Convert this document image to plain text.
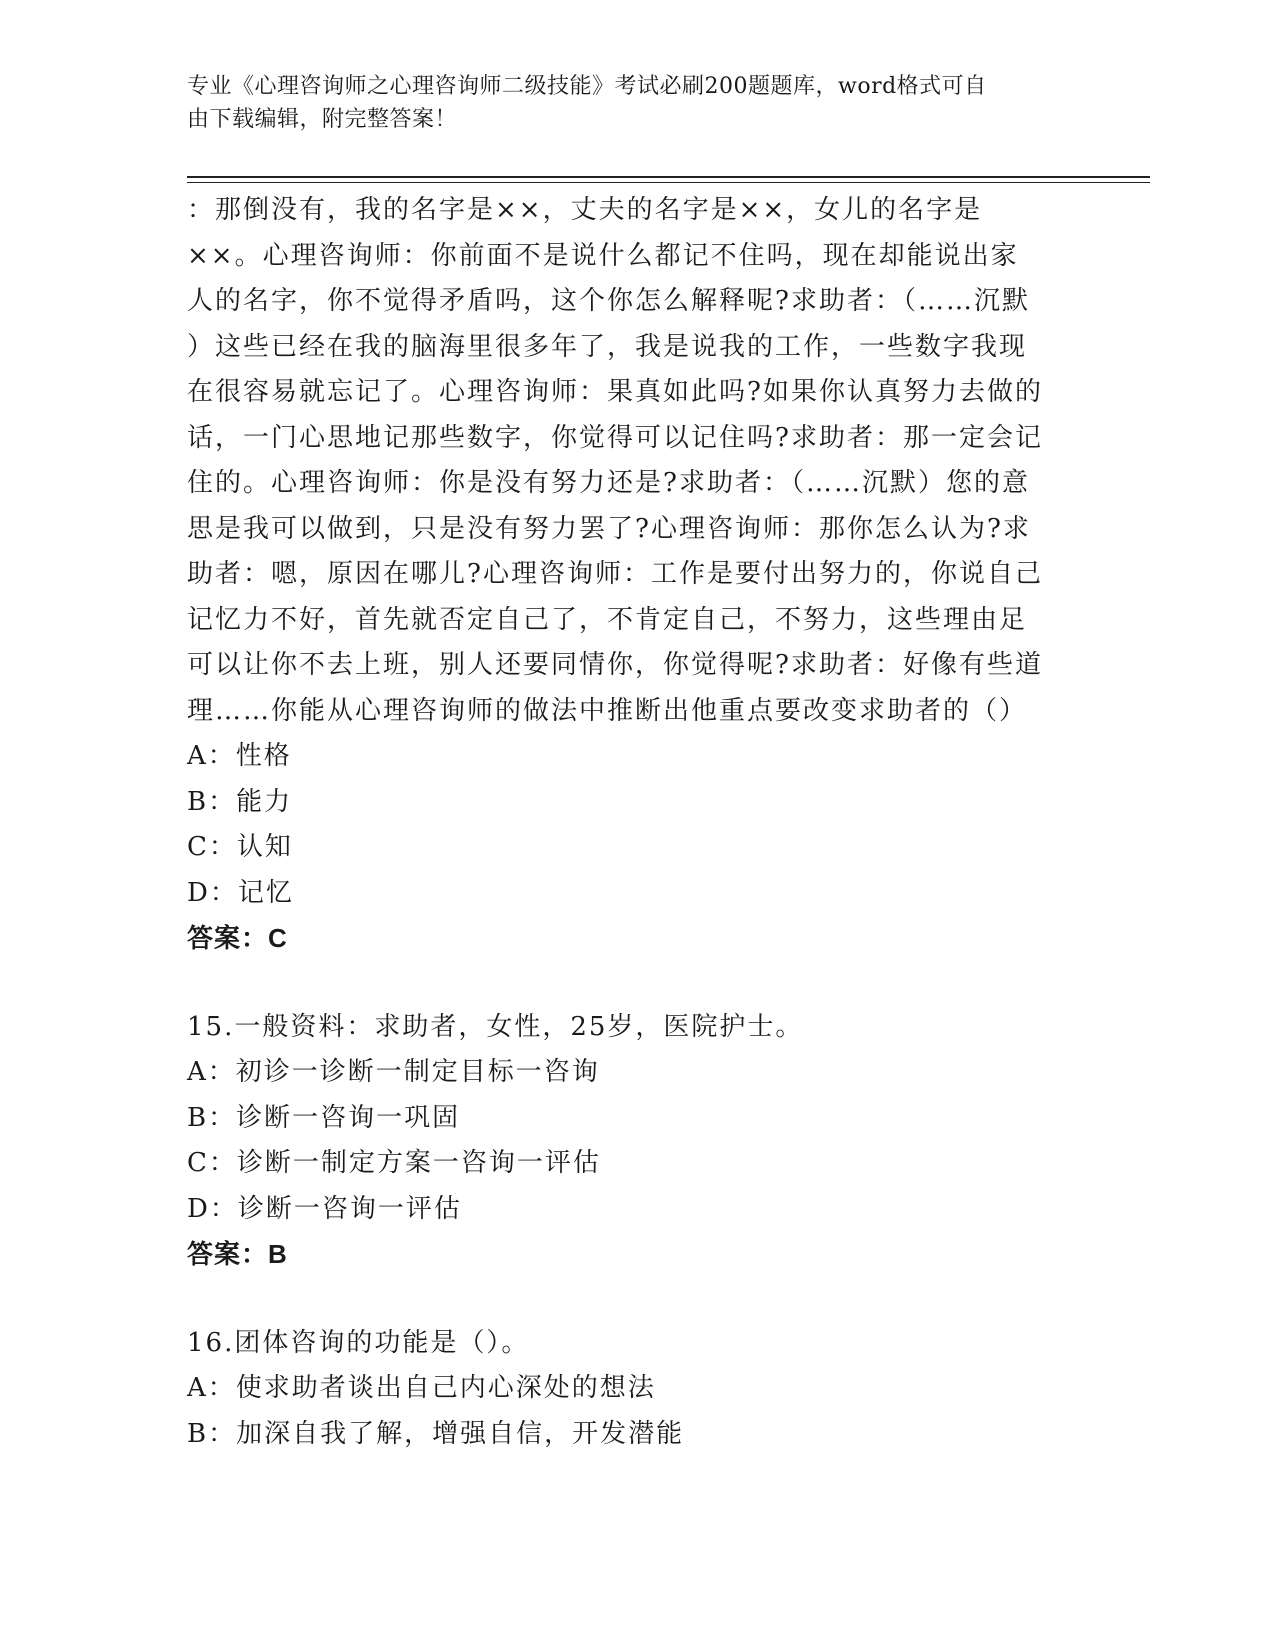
专业《心理咨询师之心理咨询师二级技能》考试必刷200题题库，word格式可自
由下载编辑，附完整答案！

：那倒没有，我的名字是××，丈夫的名字是××，女儿的名字是

××。心理咨询师：你前面不是说什么都记不住吗，现在却能说出家

人的名字，你不觉得矛盾吗，这个你怎么解释呢?求助者：（……沉默

）这些已经在我的脑海里很多年了，我是说我的工作，一些数字我现

在很容易就忘记了。心理咨询师：果真如此吗?如果你认真努力去做的

话，一门心思地记那些数字，你觉得可以记住吗?求助者：那一定会记

住的。心理咨询师：你是没有努力还是?求助者：（……沉默）您的意

思是我可以做到，只是没有努力罢了?心理咨询师：那你怎么认为?求

助者：嗯，原因在哪儿?心理咨询师：工作是要付出努力的，你说自己

记忆力不好，首先就否定自己了，不肯定自己，不努力，这些理由足

可以让你不去上班，别人还要同情你，你觉得呢?求助者：好像有些道

理……你能从心理咨询师的做法中推断出他重点要改变求助者的（）

A：性格

B：能力

C：认知

D：记忆

答案：C

15.一般资料：求助者，女性，25岁，医院护士。

A：初诊一诊断一制定目标一咨询

B：诊断一咨询一巩固

C：诊断一制定方案一咨询一评估

D：诊断一咨询一评估

答案：B

16.团体咨询的功能是（）。

A：使求助者谈出自己内心深处的想法

B：加深自我了解，增强自信，开发潜能
